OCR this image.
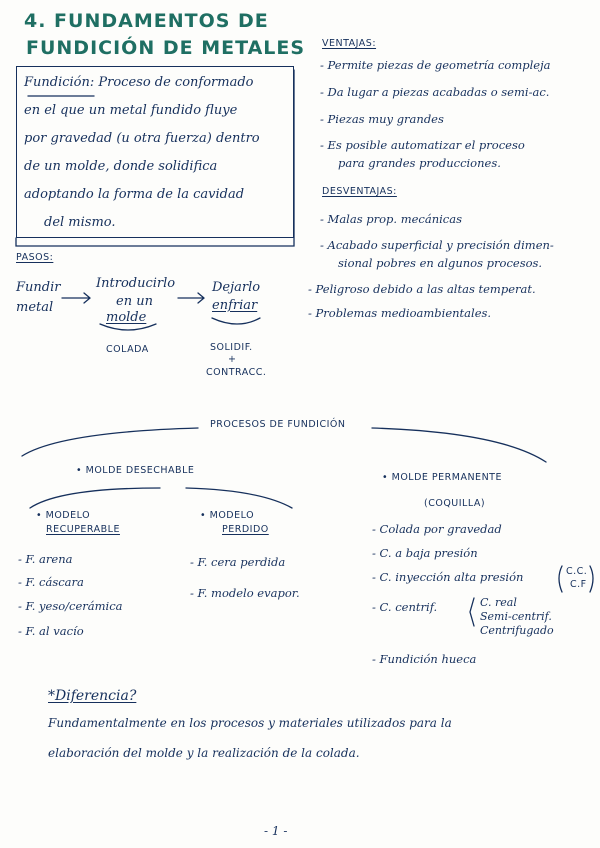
4. FUNDAMENTOS DE
FUNDICIÓN DE METALES
Fundición: Proceso de conformado
en el que un metal fundido fluye
por gravedad (u otra fuerza) dentro
de un molde, donde solidifica
adoptando la forma de la cavidad
del mismo.
VENTAJAS:
- Permite piezas de geometría compleja
- Da lugar a piezas acabadas o semi-ac.
- Piezas muy grandes
- Es posible automatizar el proceso
para grandes producciones.
DESVENTAJAS:
- Malas prop. mecánicas
- Acabado superficial y precisión dimen-
sional pobres en algunos procesos.
- Peligroso debido a las altas temperat.
- Problemas medioambientales.
PASOS:
Fundir
metal
Introducirlo
en un
molde
COLADA
Dejarlo
enfriar
SOLIDIF.
+
CONTRACC.
PROCESOS DE FUNDICIÓN
• MOLDE DESECHABLE
• MOLDE PERMANENTE
(COQUILLA)
• MODELO
RECUPERABLE
• MODELO
PERDIDO
- F. arena
- F. cáscara
- F. yeso/cerámica
- F. al vacío
- F. cera perdida
- F. modelo evapor.
- Colada por gravedad
- C. a baja presión
- C. inyección alta presión	C.C.
C.F
- C. centrif.	C. real
Semi-centrif.
Centrifugado
- Fundición hueca
*Diferencia?
Fundamentalmente en los procesos y materiales utilizados para la
elaboración del molde y la realización de la colada.
- 1 -
